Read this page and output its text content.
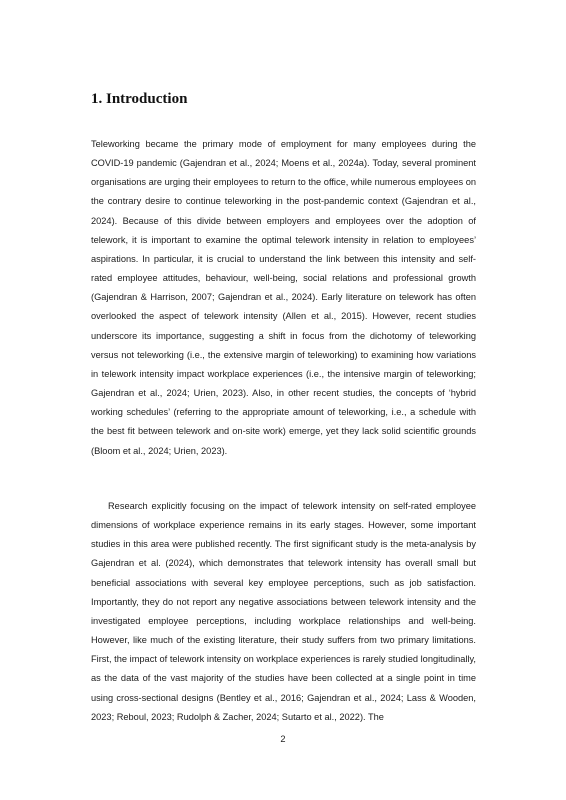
1. Introduction

Teleworking became the primary mode of employment for many employees during the COVID-19 pandemic (Gajendran et al., 2024; Moens et al., 2024a). Today, several prominent organisations are urging their employees to return to the office, while numerous employees on the contrary desire to continue teleworking in the post-pandemic context (Gajendran et al., 2024). Because of this divide between employers and employees over the adoption of telework, it is important to examine the optimal telework intensity in relation to employees’ aspirations. In particular, it is crucial to understand the link between this intensity and self-rated employee attitudes, behaviour, well-being, social relations and professional growth (Gajendran & Harrison, 2007; Gajendran et al., 2024). Early literature on telework has often overlooked the aspect of telework intensity (Allen et al., 2015). However, recent studies underscore its importance, suggesting a shift in focus from the dichotomy of teleworking versus not teleworking (i.e., the extensive margin of teleworking) to examining how variations in telework intensity impact workplace experiences (i.e., the intensive margin of teleworking; Gajendran et al., 2024; Urien, 2023). Also, in other recent studies, the concepts of ‘hybrid working schedules’ (referring to the appropriate amount of teleworking, i.e., a schedule with the best fit between telework and on-site work) emerge, yet they lack solid scientific grounds (Bloom et al., 2024; Urien, 2023).

Research explicitly focusing on the impact of telework intensity on self-rated employee dimensions of workplace experience remains in its early stages. However, some important studies in this area were published recently. The first significant study is the meta-analysis by Gajendran et al. (2024), which demonstrates that telework intensity has overall small but beneficial associations with several key employee perceptions, such as job satisfaction. Importantly, they do not report any negative associations between telework intensity and the investigated employee perceptions, including workplace relationships and well-being. However, like much of the existing literature, their study suffers from two primary limitations. First, the impact of telework intensity on workplace experiences is rarely studied longitudinally, as the data of the vast majority of the studies have been collected at a single point in time using cross-sectional designs (Bentley et al., 2016; Gajendran et al., 2024; Lass & Wooden, 2023; Reboul, 2023; Rudolph & Zacher, 2024; Sutarto et al., 2022). The

2
